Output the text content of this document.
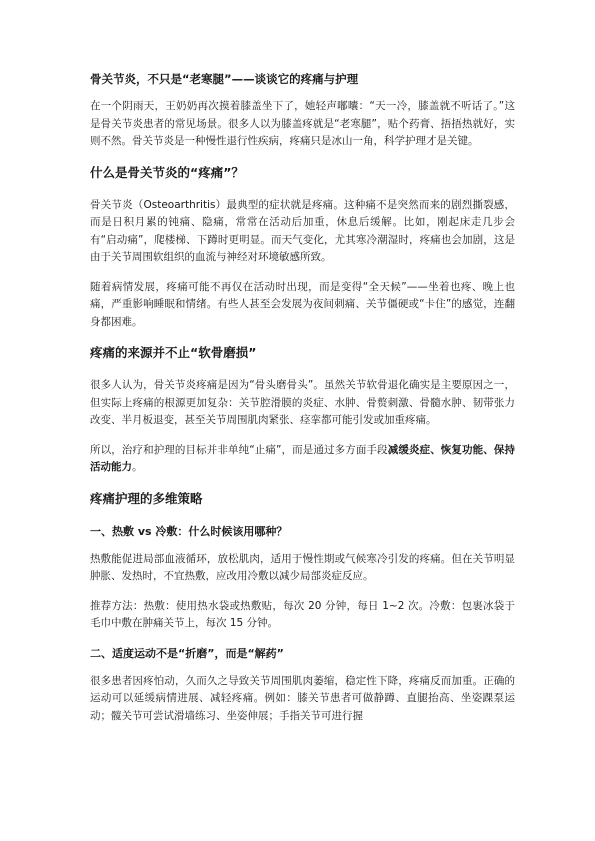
骨关节炎，不只是“老寒腿”——谈谈它的疼痛与护理

在一个阴雨天，王奶奶再次摸着膝盖坐下了，她轻声嘟囔：“天一冷，膝盖就不听话了。”这是骨关节炎患者的常见场景。很多人以为膝盖疼就是“老寒腿”，贴个药膏、捂捂热就好，实则不然。骨关节炎是一种慢性退行性疾病，疼痛只是冰山一角，科学护理才是关键。

什么是骨关节炎的“疼痛”？

骨关节炎（Osteoarthritis）最典型的症状就是疼痛。这种痛不是突然而来的剧烈撕裂感，而是日积月累的钝痛、隐痛，常常在活动后加重，休息后缓解。比如，刚起床走几步会有“启动痛”，爬楼梯、下蹲时更明显。而天气变化，尤其寒冷潮湿时，疼痛也会加剧，这是由于关节周围软组织的血流与神经对环境敏感所致。

随着病情发展，疼痛可能不再仅在活动时出现，而是变得“全天候”——坐着也疼、晚上也痛，严重影响睡眠和情绪。有些人甚至会发展为夜间刺痛、关节僵硬或“卡住”的感觉，连翻身都困难。

疼痛的来源并不止“软骨磨损”

很多人认为，骨关节炎疼痛是因为“骨头磨骨头”。虽然关节软骨退化确实是主要原因之一，但实际上疼痛的根源更加复杂：关节腔滑膜的炎症、水肿、骨赘刺激、骨髓水肿、韧带张力改变、半月板退变，甚至关节周围肌肉紧张、痉挛都可能引发或加重疼痛。

所以，治疗和护理的目标并非单纯“止痛”，而是通过多方面手段减缓炎症、恢复功能、保持活动能力。

疼痛护理的多维策略
一、热敷 vs 冷敷：什么时候该用哪种？

热敷能促进局部血液循环，放松肌肉，适用于慢性期或气候寒冷引发的疼痛。但在关节明显肿胀、发热时，不宜热敷，应改用冷敷以减少局部炎症反应。

推荐方法：热敷：使用热水袋或热敷贴，每次 20 分钟，每日 1~2 次。冷敷：包裹冰袋于毛巾中敷在肿痛关节上，每次 15 分钟。

二、适度运动不是“折磨”，而是“解药”

很多患者因疼怕动，久而久之导致关节周围肌肉萎缩，稳定性下降，疼痛反而加重。正确的运动可以延缓病情进展、减轻疼痛。例如：膝关节患者可做静蹲、直腿抬高、坐姿踝泵运动；髋关节可尝试滑墙练习、坐姿伸展；手指关节可进行握
